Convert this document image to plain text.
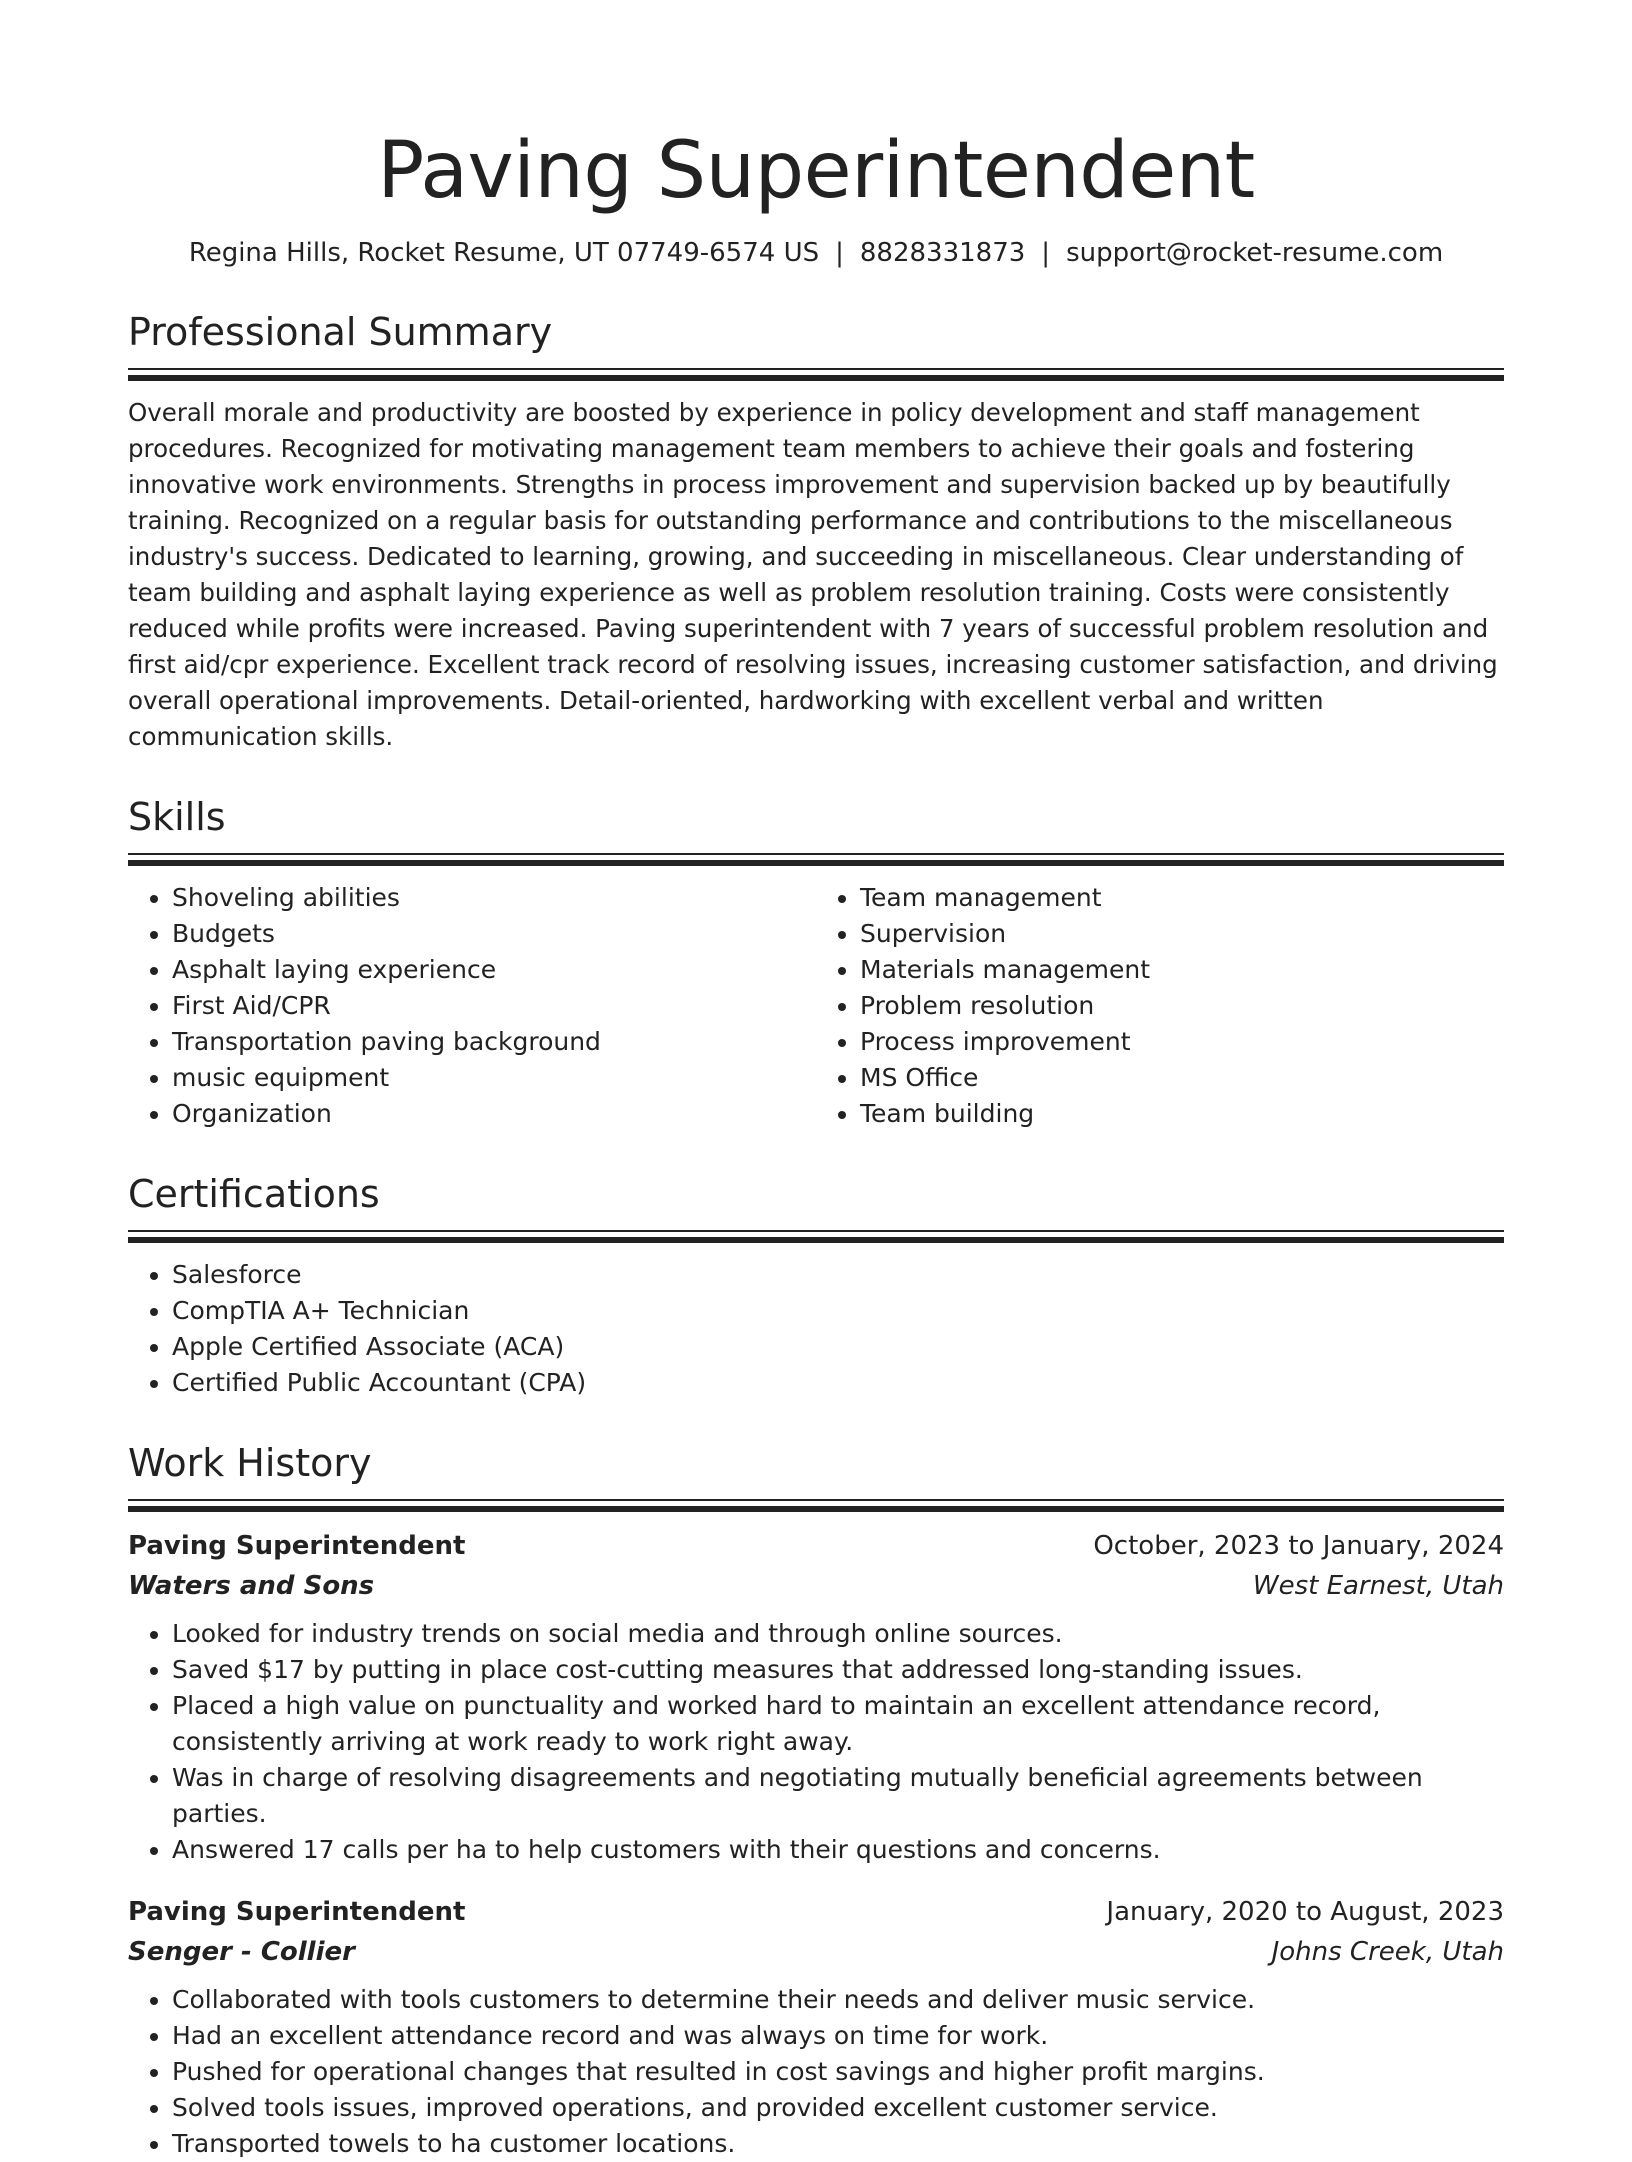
Paving Superintendent
Regina Hills, Rocket Resume, UT 07749-6574 US | 8828331873 | support@rocket-resume.com
Professional Summary

Overall morale and productivity are boosted by experience in policy development and staff management procedures. Recognized for motivating management team members to achieve their goals and fostering innovative work environments. Strengths in process improvement and supervision backed up by beautifully training. Recognized on a regular basis for outstanding performance and contributions to the miscellaneous industry's success. Dedicated to learning, growing, and succeeding in miscellaneous. Clear understanding of team building and asphalt laying experience as well as problem resolution training. Costs were consistently reduced while profits were increased. Paving superintendent with 7 years of successful problem resolution and first aid/cpr experience. Excellent track record of resolving issues, increasing customer satisfaction, and driving overall operational improvements. Detail-oriented, hardworking with excellent verbal and written communication skills.

Skills
• Shoveling abilities
• Budgets
• Asphalt laying experience
• First Aid/CPR
• Transportation paving background
• music equipment
• Organization
• Team management
• Supervision
• Materials management
• Problem resolution
• Process improvement
• MS Office
• Team building
Certifications
• Salesforce
• CompTIA A+ Technician
• Apple Certified Associate (ACA)
• Certified Public Accountant (CPA)
Work History
Paving Superintendent	October, 2023 to January, 2024
Waters and Sons	West Earnest, Utah
• Looked for industry trends on social media and through online sources.
• Saved $17 by putting in place cost-cutting measures that addressed long-standing issues.
• Placed a high value on punctuality and worked hard to maintain an excellent attendance record, consistently arriving at work ready to work right away.
• Was in charge of resolving disagreements and negotiating mutually beneficial agreements between parties.
• Answered 17 calls per ha to help customers with their questions and concerns.
Paving Superintendent	January, 2020 to August, 2023
Senger - Collier	Johns Creek, Utah
• Collaborated with tools customers to determine their needs and deliver music service.
• Had an excellent attendance record and was always on time for work.
• Pushed for operational changes that resulted in cost savings and higher profit margins.
• Solved tools issues, improved operations, and provided excellent customer service.
• Transported towels to ha customer locations.
